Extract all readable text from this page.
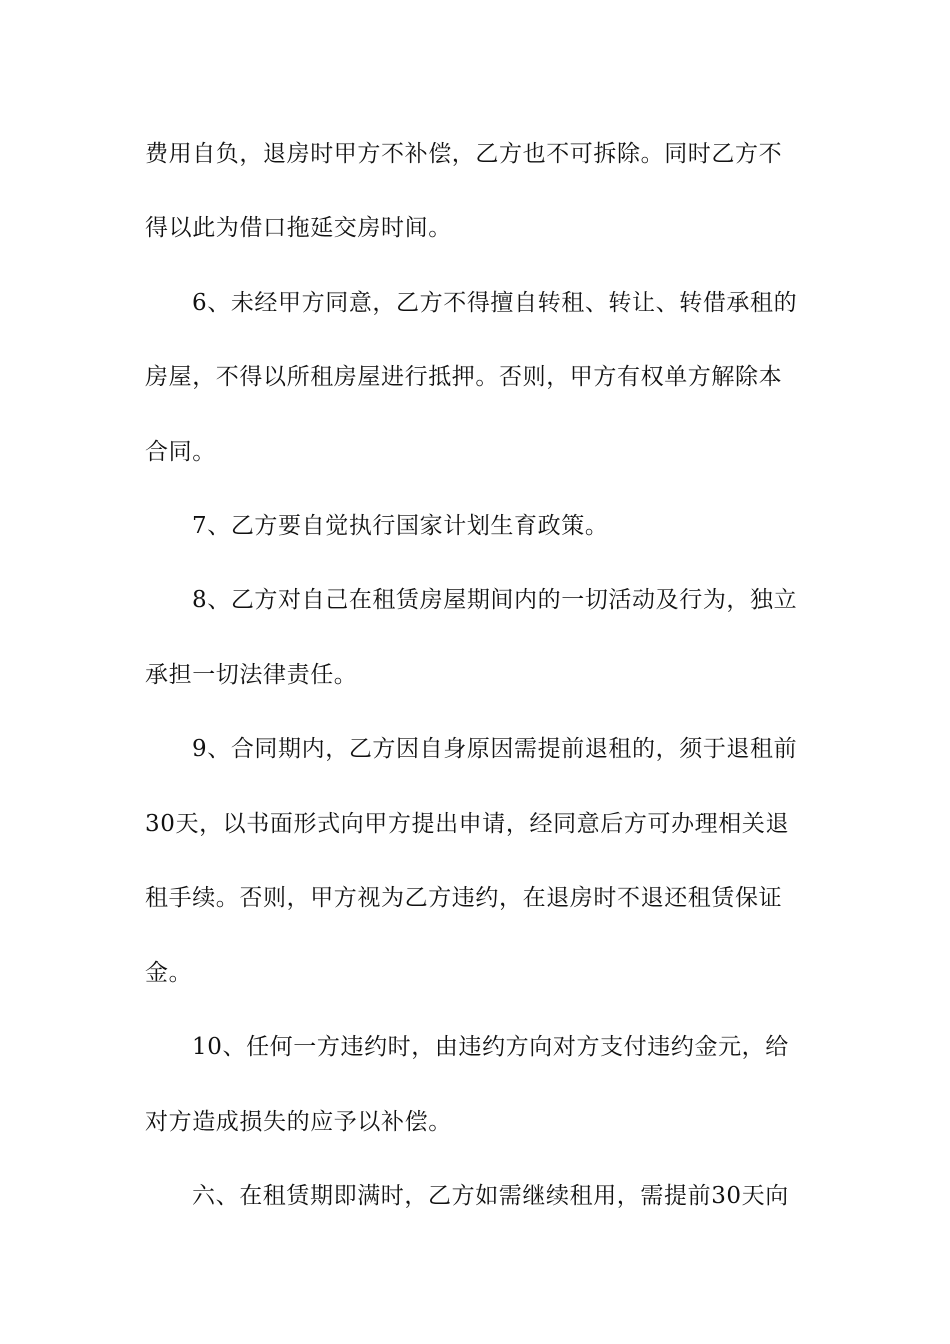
费用自负，退房时甲方不补偿，乙方也不可拆除。同时乙方不
得以此为借口拖延交房时间。
6、未经甲方同意，乙方不得擅自转租、转让、转借承租的
房屋，不得以所租房屋进行抵押。否则，甲方有权单方解除本
合同。
7、乙方要自觉执行国家计划生育政策。
8、乙方对自己在租赁房屋期间内的一切活动及行为，独立
承担一切法律责任。
9、合同期内，乙方因自身原因需提前退租的，须于退租前
30天，以书面形式向甲方提出申请，经同意后方可办理相关退
租手续。否则，甲方视为乙方违约，在退房时不退还租赁保证
金。
10、任何一方违约时，由违约方向对方支付违约金元，给
对方造成损失的应予以补偿。
六、在租赁期即满时，乙方如需继续租用，需提前30天向
